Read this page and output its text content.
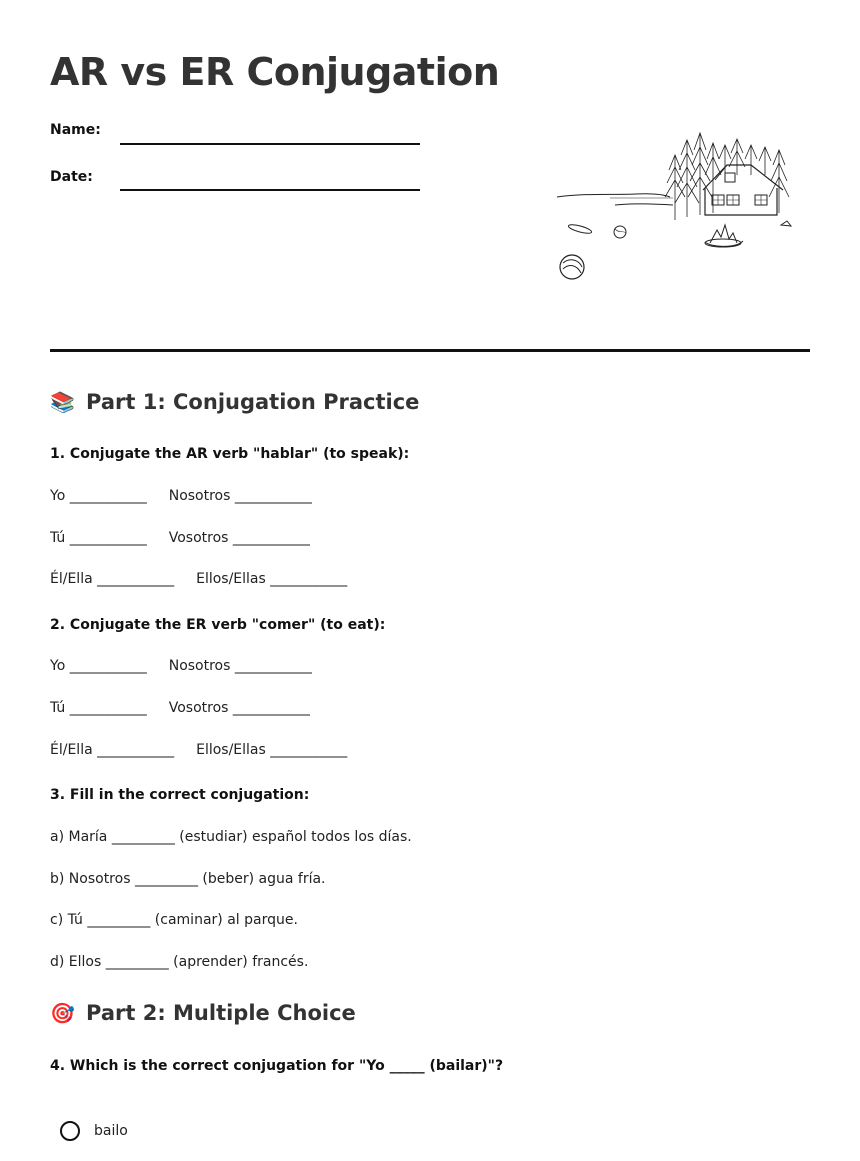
AR vs ER Conjugation
Name:
Date:
📚 Part 1: Conjugation Practice
1. Conjugate the AR verb "hablar" (to speak):
Yo ___________ Nosotros ___________
Tú ___________ Vosotros ___________
Él/Ella ___________ Ellos/Ellas ___________
2. Conjugate the ER verb "comer" (to eat):
Yo ___________ Nosotros ___________
Tú ___________ Vosotros ___________
Él/Ella ___________ Ellos/Ellas ___________
3. Fill in the correct conjugation:
a) María _________ (estudiar) español todos los días.
b) Nosotros _________ (beber) agua fría.
c) Tú _________ (caminar) al parque.
d) Ellos _________ (aprender) francés.
🎯 Part 2: Multiple Choice
4. Which is the correct conjugation for "Yo _____ (bailar)"?
bailo
